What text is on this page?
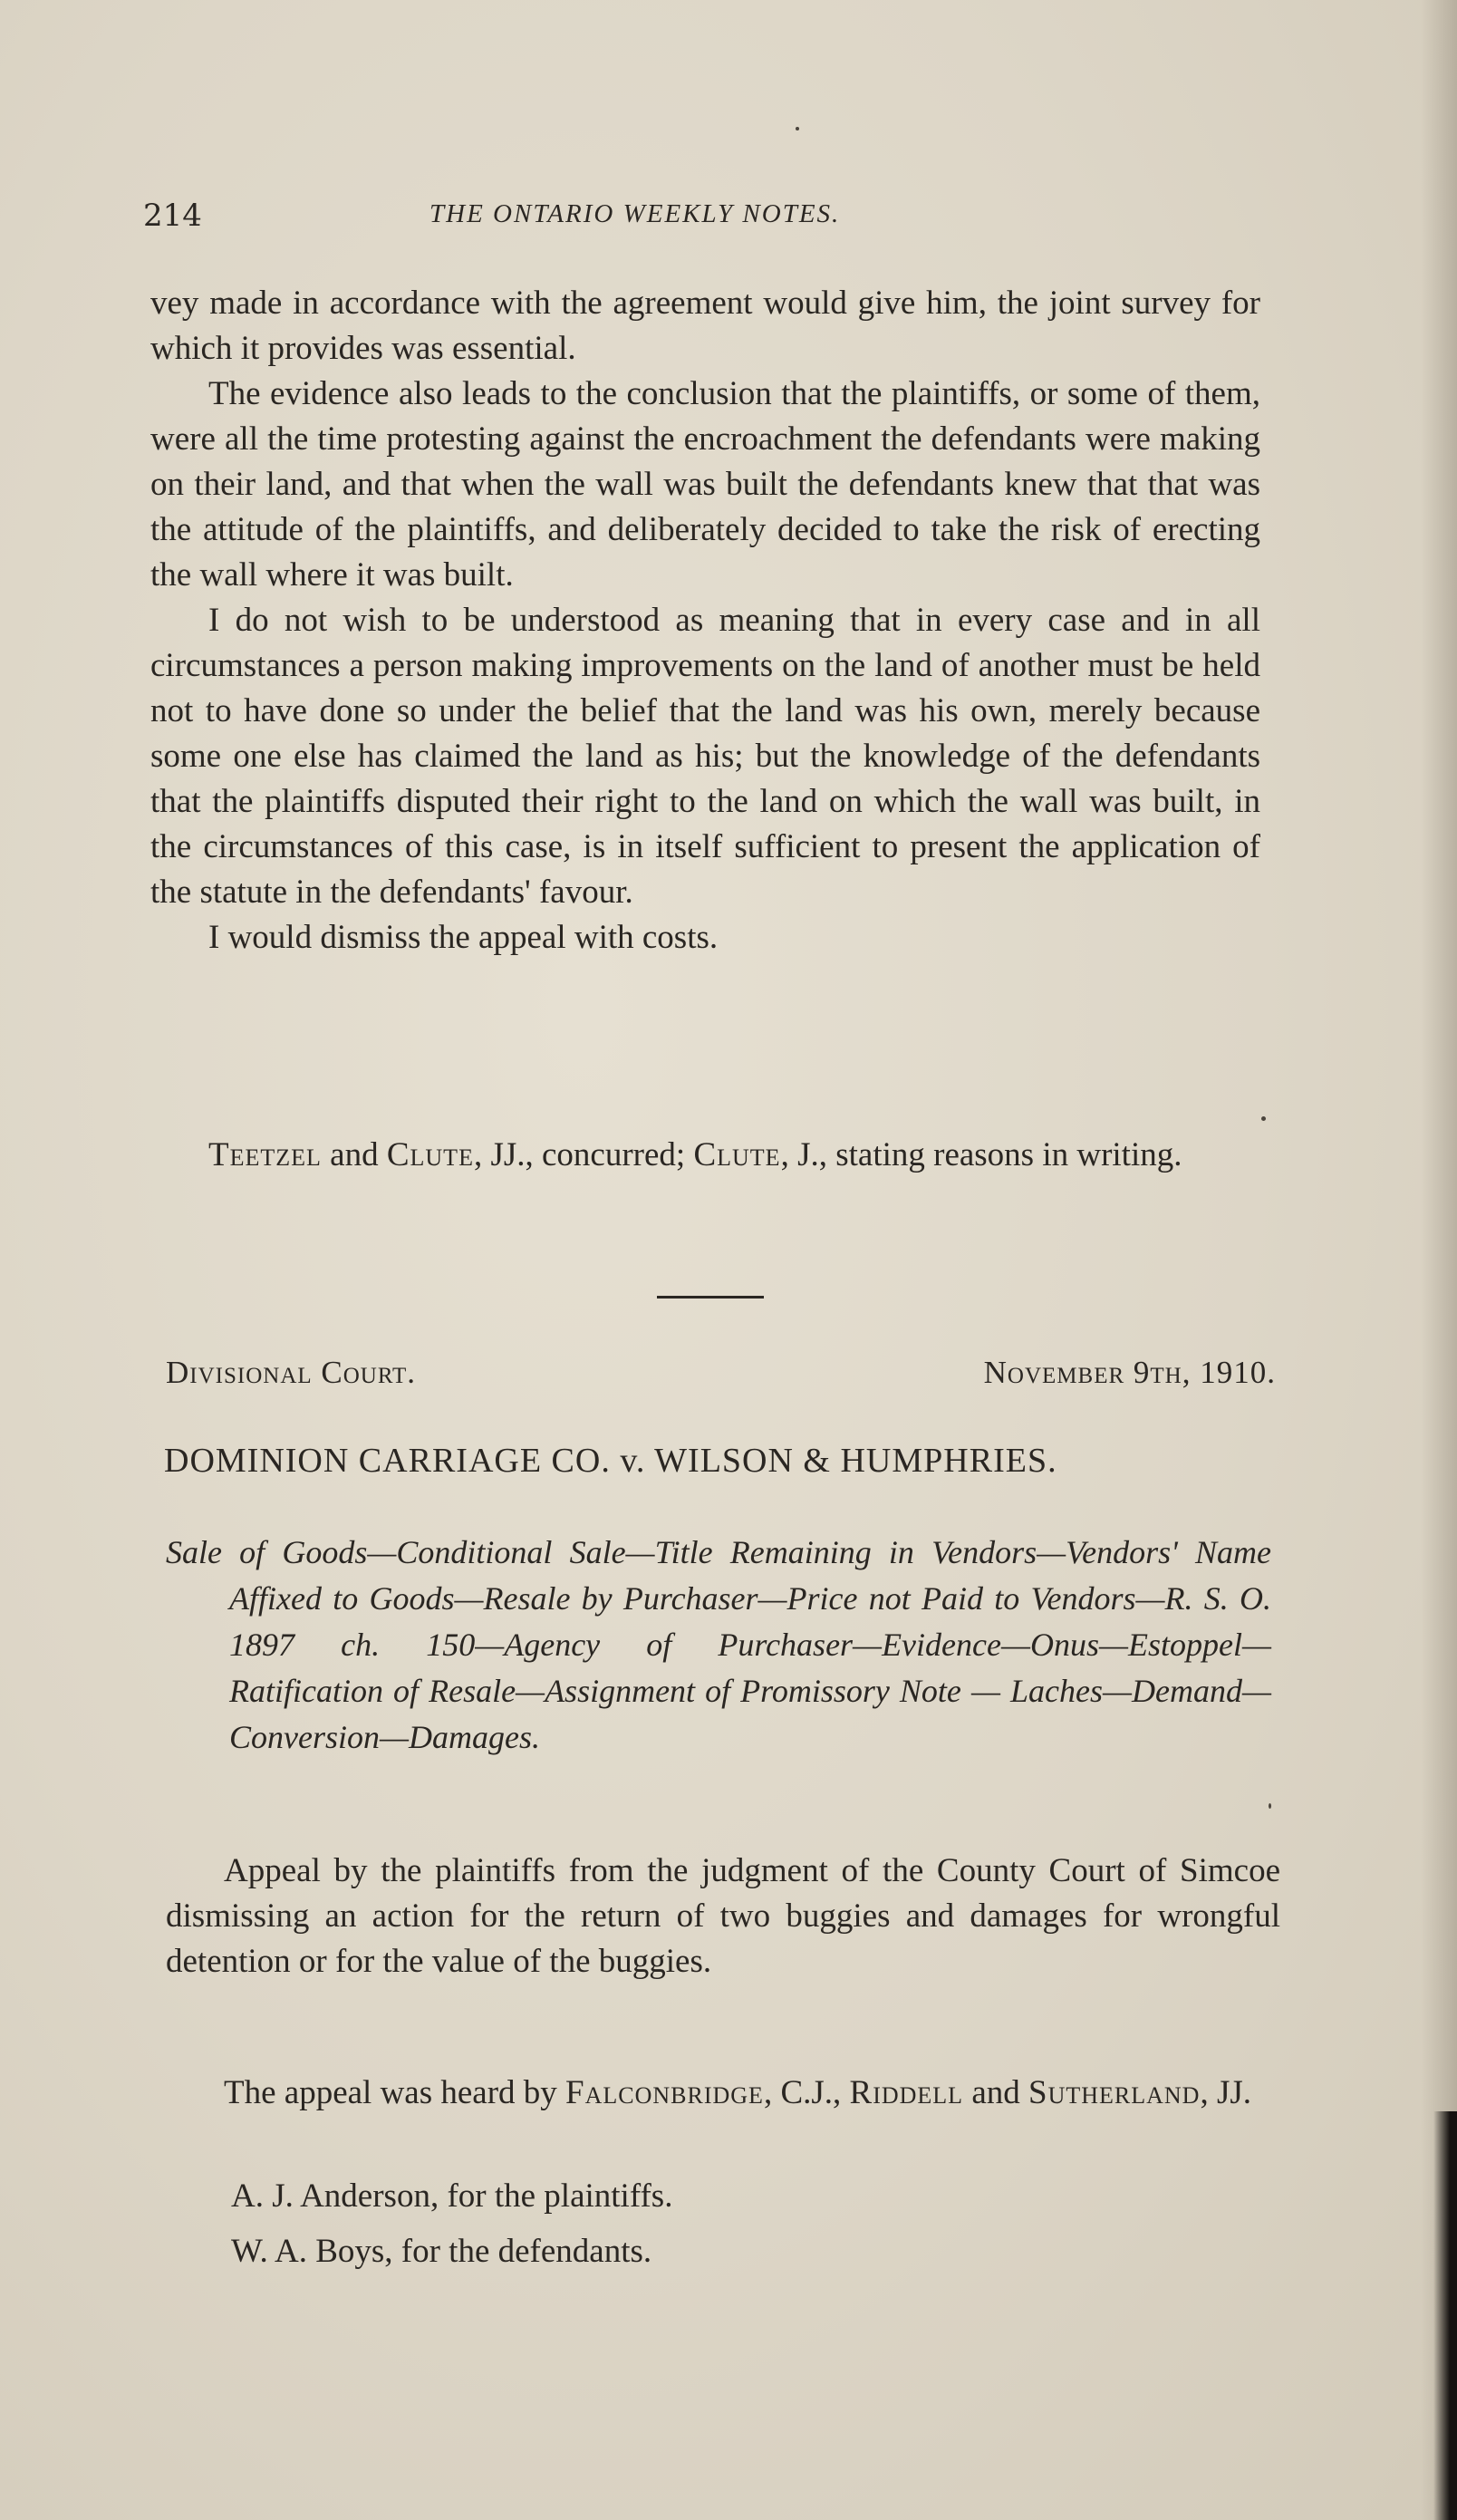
214	THE ONTARIO WEEKLY NOTES.

vey made in accordance with the agreement would give him, the joint survey for which it provides was essential.

The evidence also leads to the conclusion that the plaintiffs, or some of them, were all the time protesting against the encroachment the defendants were making on their land, and that when the wall was built the defendants knew that that was the attitude of the plaintiffs, and deliberately decided to take the risk of erecting the wall where it was built.

I do not wish to be understood as meaning that in every case and in all circumstances a person making improvements on the land of another must be held not to have done so under the belief that the land was his own, merely because some one else has claimed the land as his; but the knowledge of the defendants that the plaintiffs disputed their right to the land on which the wall was built, in the circumstances of this case, is in itself sufficient to present the application of the statute in the defendants' favour.

I would dismiss the appeal with costs.

Teetzel and Clute, JJ., concurred; Clute, J., stating reasons in writing.

Divisional Court.	November 9th, 1910.
DOMINION CARRIAGE CO. v. WILSON & HUMPHRIES.
Sale of Goods—Conditional Sale—Title Remaining in Vendors—Vendors' Name Affixed to Goods—Resale by Purchaser—Price not Paid to Vendors—R. S. O. 1897 ch. 150—Agency of Purchaser—Evidence—Onus—Estoppel—Ratification of Resale—Assignment of Promissory Note — Laches—Demand—Conversion—Damages.

Appeal by the plaintiffs from the judgment of the County Court of Simcoe dismissing an action for the return of two buggies and damages for wrongful detention or for the value of the buggies.

The appeal was heard by Falconbridge, C.J., Riddell and Sutherland, JJ.

A. J. Anderson, for the plaintiffs.
W. A. Boys, for the defendants.
